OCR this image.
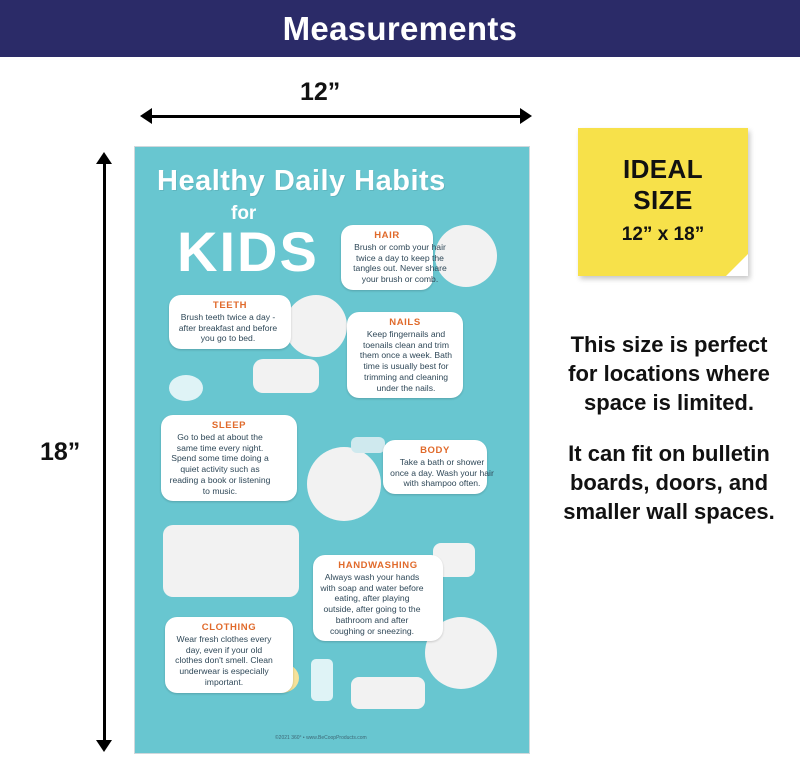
Measurements
12”
18”
Healthy Daily Habits
for
KIDS	HAIR
Brush or comb your hair twice a day to keep the tangles out. Never share your brush or comb.
TEETH
Brush teeth twice a day - after breakfast and before you go to bed.
NAILS
Keep fingernails and toenails clean and trim them once a week. Bath time is usually best for trimming and cleaning under the nails.
SLEEP
Go to bed at about the same time every night. Spend some time doing a quiet activity such as reading a book or listening to music.
BODY
Take a bath or shower once a day. Wash your hair with shampoo often.
HANDWASHING
Always wash your hands with soap and water before eating, after playing outside, after going to the bathroom and after coughing or sneezing.
CLOTHING
Wear fresh clothes every day, even if your old clothes don't smell. Clean underwear is especially important.
©2021 360° • www.BeCoopProducts.com
IDEAL
SIZE
12” x 18”

This size is perfect for locations where space is limited.

It can fit on bulletin boards, doors, and smaller wall spaces.
